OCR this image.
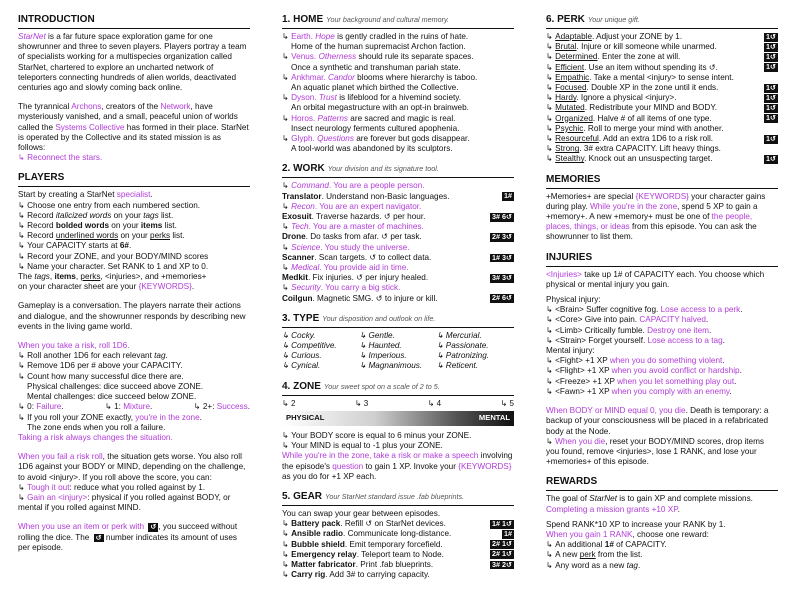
INTRODUCTION

StarNet is a far future space exploration game for one showrunner and three to seven players. Players portray a team of specialists working for a multispecies organization called StarNet, chartered to explore an uncharted network of teleporters connecting hundreds of alien worlds, deactivated centuries ago and slowly coming back online.

The tyrannical Archons, creators of the Network, have mysteriously vanished, and a small, peaceful union of worlds called the Systems Collective has formed in their place. StarNet is operated by the Collective and its stated mission is as follows:

↳ Reconnect the stars.

PLAYERS

Start by creating a StarNet specialist.

↳ Choose one entry from each numbered section.

↳ Record italicized words on your tags list.

↳ Record bolded words on your items list.

↳ Record underlined words on your perks list.

↳ Your CAPACITY starts at 6#.

↳ Record your ZONE, and your BODY/MIND scores

↳ Name your character. Set RANK to 1 and XP to 0.

The tags, items, perks, <injuries>, and +memories+

on your character sheet are your {KEYWORDS}.

Gameplay is a conversation. The players narrate their actions and dialogue, and the showrunner responds by describing new events in the living game world.

When you take a risk, roll 1D6.

↳ Roll another 1D6 for each relevant tag.

↳ Remove 1D6 per # above your CAPACITY.

↳ Count how many successful dice there are.

Physical challenges: dice succeed above ZONE.

Mental challenges: dice succeed below ZONE.

↳ 0: Failure.	↳ 1: Mixture.	↳ 2+: Success.

↳ If you roll your ZONE exactly, you're in the zone.

The zone ends when you roll a failure.

Taking a risk always changes the situation.

When you fail a risk roll, the situation gets worse. You also roll 1D6 against your BODY or MIND, depending on the challenge, to avoid <injury>. If you roll above the score, you can:

↳ Tough it out: reduce what you rolled against by 1.

↳ Gain an <injury>: physical if you rolled against BODY, or mental if you rolled against MIND.

When you use an item or perk with ↺ , you succeed without rolling the dice. The ↺ number indicates its amount of uses per episode.

1. HOME Your background and cultural memory.

↳ Earth. Hope is gently cradled in the ruins of hate.

Home of the human supremacist Archon faction.

↳ Venus. Otherness should rule its separate spaces.

Once a synthetic and transhuman pariah state.

↳ Ankhmar. Candor blooms where hierarchy is taboo.

An aquatic planet which birthed the Collective.

↳ Dyson. Trust is lifeblood for a hivemind society.

An orbital megastructure with an opt-in brainweb.

↳ Horos. Patterns are sacred and magic is real.

Insect neurology ferments cultured apophenia.

↳ Glyph. Questions are forever but gods disappear.

A tool-world was abandoned by its sculptors.

2. WORK Your division and its signature tool.

↳ Command. You are a people person.

Translator. Understand non-Basic languages.	1#

↳ Recon. You are an expert navigator.

Exosuit. Traverse hazards. ↺ per hour.	3# 6↺

↳ Tech. You are a master of machines.

Drone. Do tasks from afar. ↺ per task.	2# 3↺

↳ Science. You study the universe.

Scanner. Scan targets. ↺ to collect data.	1# 3↺

↳ Medical. You provide aid in time.

Medkit. Fix injuries. ↺ per injury healed.	3# 3↺

↳ Security. You carry a big stick.

Coilgun. Magnetic SMG. ↺ to injure or kill.	2# 6↺
3. TYPE Your disposition and outlook on life.
↳ Cocky.	↳ Gentle.	↳ Mercurial.
↳ Competitive.	↳ Haunted.	↳ Passionate.
↳ Curious.	↳ Imperious.	↳ Patronizing.
↳ Cynical.	↳ Magnanimous.	↳ Reticent.
4. ZONE Your sweet spot on a scale of 2 to 5.
↳ 2	↳ 3	↳ 4	↳ 5
PHYSICAL	MENTAL

↳ Your BODY score is equal to 6 minus your ZONE.

↳ Your MIND is equal to -1 plus your ZONE.

While you're in the zone, take a risk or make a speech involving the episode's question to gain 1 XP. Invoke your {KEYWORDS} as you do for +1 XP each.

5. GEAR Your StarNet standard issue .fab blueprints.

You can swap your gear between episodes.

↳ Battery pack. Refill ↺ on StarNet devices.	1# 1↺
↳ Ansible radio. Communicate long-distance.	1#
↳ Bubble shield. Emit temporary forcefield.	2# 1↺
↳ Emergency relay. Teleport team to Node.	2# 1↺
↳ Matter fabricator. Print .fab blueprints.	3# 2↺
↳ Carry rig. Add 3# to carrying capacity.
6. PERK Your unique gift.
↳ Adaptable. Adjust your ZONE by 1.	1↺
↳ Brutal. Injure or kill someone while unarmed.	1↺
↳ Determined. Enter the zone at will.	1↺
↳ Efficient. Use an item without spending its ↺.	1↺
↳ Empathic. Take a mental <injury> to sense intent.
↳ Focused. Double XP in the zone until it ends.	1↺
↳ Hardy. Ignore a physical <injury>.	1↺
↳ Mutated. Redistribute your MIND and BODY.	1↺
↳ Organized. Halve # of all items of one type.	1↺
↳ Psychic. Roll to merge your mind with another.
↳ Resourceful. Add an extra 1D6 to a risk roll.	1↺
↳ Strong. 3# extra CAPACITY. Lift heavy things.
↳ Stealthy. Knock out an unsuspecting target.	1↺
MEMORIES

+Memories+ are special {KEYWORDS} your character gains during play. While you're in the zone, spend 5 XP to gain a +memory+. A new +memory+ must be one of the people, places, things, or ideas from this episode. You can ask the showrunner to list them.

INJURIES

<Injuries> take up 1# of CAPACITY each. You choose which physical or mental injury you gain.

Physical injury:

↳ <Brain> Suffer cognitive fog. Lose access to a perk.

↳ <Core> Give into pain. CAPACITY halved.

↳ <Limb> Critically fumble. Destroy one item.

↳ <Strain> Forget yourself. Lose access to a tag.

Mental injury:

↳ <Fight> +1 XP when you do something violent.

↳ <Flight> +1 XP when you avoid conflict or hardship.

↳ <Freeze> +1 XP when you let something play out.

↳ <Fawn> +1 XP when you comply with an enemy.

When BODY or MIND equal 0, you die. Death is temporary: a backup of your consciousness will be placed in a refabricated body at the Node.

↳ When you die, reset your BODY/MIND scores, drop items you found, remove <injuries>, lose 1 RANK, and lose your +memories+ of this episode.

REWARDS

The goal of StarNet is to gain XP and complete missions. Completing a mission grants +10 XP.

Spend RANK*10 XP to increase your RANK by 1.

When you gain 1 RANK, choose one reward:

↳ An additional 1# of CAPACITY.

↳ A new perk from the list.

↳ Any word as a new tag.
